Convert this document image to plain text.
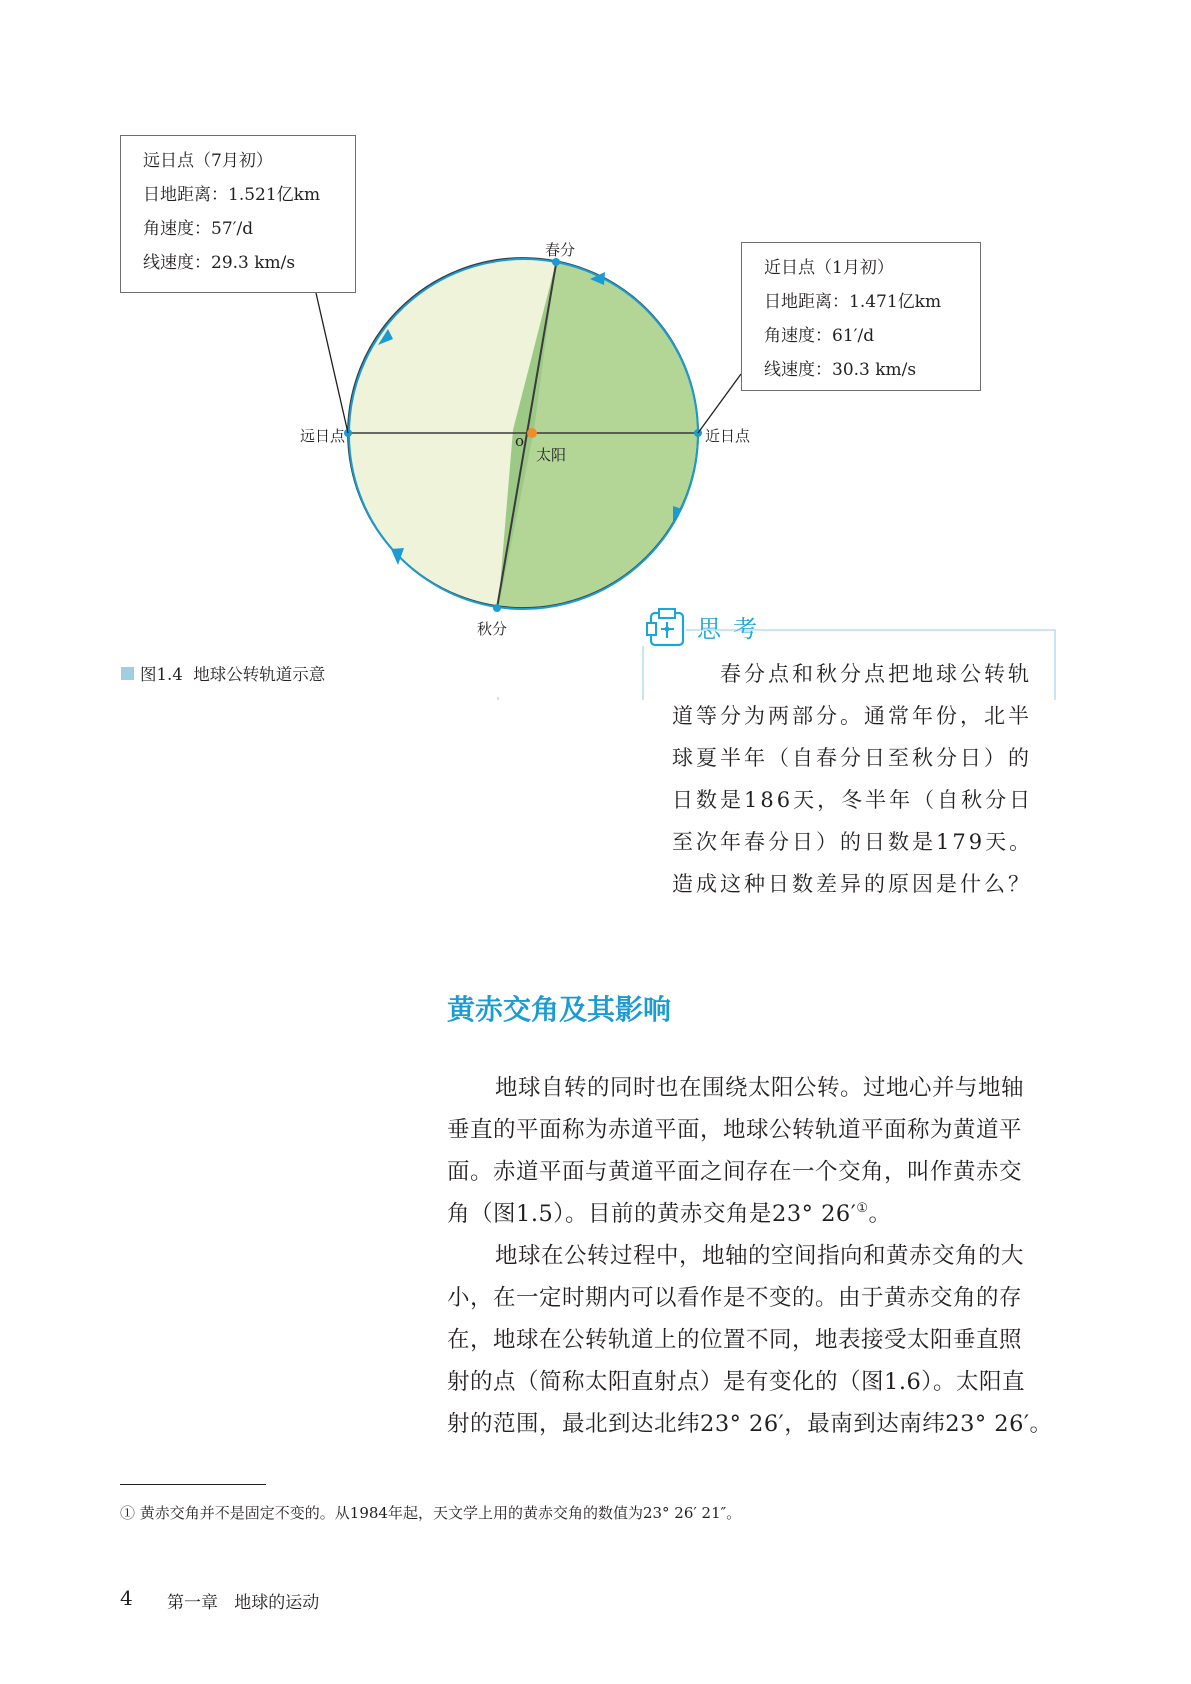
远日点（7月初）
日地距离：1.521亿km
角速度：57′/d
线速度：29.3 km/s	近日点（1月初）
日地距离：1.471亿km
角速度：61′/d
线速度：30.3 km/s
春分
秋分
远日点	近日点
o
太阳
图1.4  地球公转轨道示意
思考
春分点和秋分点把地球公转轨
道等分为两部分。通常年份，北半
球夏半年（自春分日至秋分日）的
日数是186天，冬半年（自秋分日
至次年春分日）的日数是179天。
造成这种日数差异的原因是什么？
黄赤交角及其影响
地球自转的同时也在围绕太阳公转。过地心并与地轴
垂直的平面称为赤道平面，地球公转轨道平面称为黄道平
面。赤道平面与黄道平面之间存在一个交角，叫作黄赤交
角（图1.5）。目前的黄赤交角是23° 26′①。
地球在公转过程中，地轴的空间指向和黄赤交角的大
小，在一定时期内可以看作是不变的。由于黄赤交角的存
在，地球在公转轨道上的位置不同，地表接受太阳垂直照
射的点（简称太阳直射点）是有变化的（图1.6）。太阳直
射的范围，最北到达北纬23° 26′，最南到达南纬23° 26′。
① 黄赤交角并不是固定不变的。从1984年起，天文学上用的黄赤交角的数值为23° 26′ 21″。
4 第一章   地球的运动
